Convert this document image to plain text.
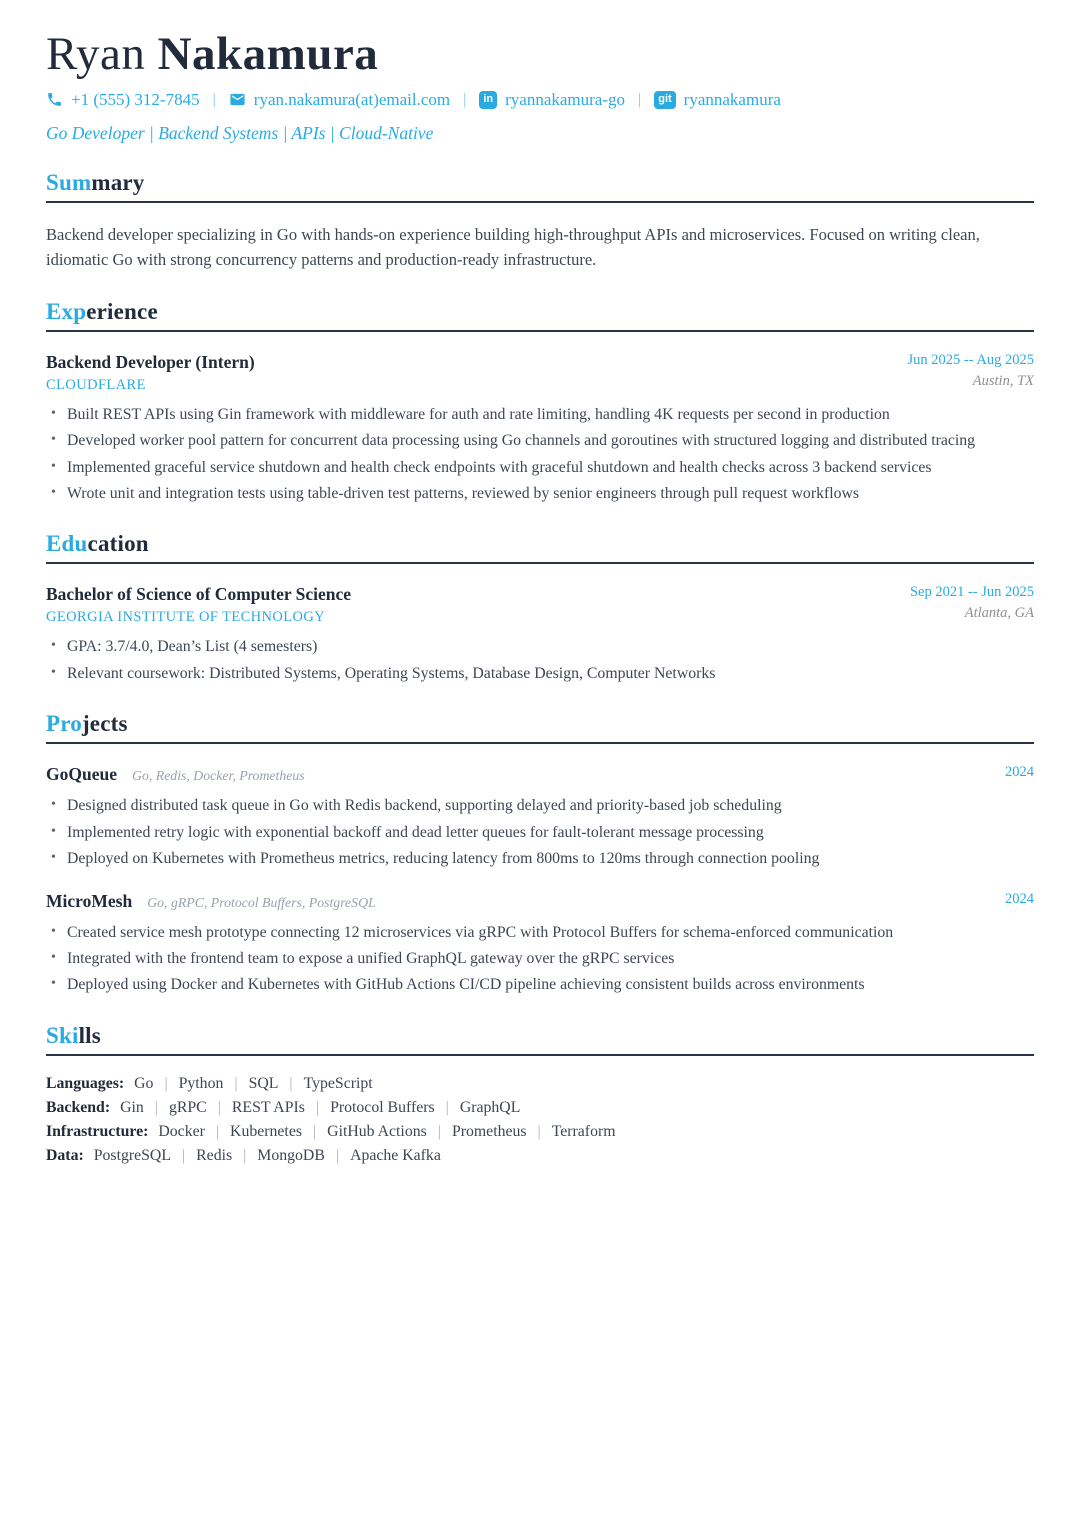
Ryan Nakamura
+1 (555) 312-7845 | ryan.nakamura(at)email.com |	in ryannakamura-go |	git ryannakamura
Go Developer | Backend Systems | APIs | Cloud-Native
Summary

Backend developer specializing in Go with hands-on experience building high-throughput APIs and microservices. Focused on writing clean, idiomatic Go with strong concurrency patterns and production-ready infrastructure.

Experience
Backend Developer (Intern)
CLOUDFLARE
Jun 2025 -- Aug 2025
Austin, TX
• Built REST APIs using Gin framework with middleware for auth and rate limiting, handling 4K requests per second in production
• Developed worker pool pattern for concurrent data processing using Go channels and goroutines with structured logging and distributed tracing
• Implemented graceful service shutdown and health check endpoints with graceful shutdown and health checks across 3 backend services
• Wrote unit and integration tests using table-driven test patterns, reviewed by senior engineers through pull request workflows
Education
Bachelor of Science of Computer Science
GEORGIA INSTITUTE OF TECHNOLOGY
Sep 2021 -- Jun 2025
Atlanta, GA
• GPA: 3.7/4.0, Dean’s List (4 semesters)
• Relevant coursework: Distributed Systems, Operating Systems, Database Design, Computer Networks
Projects
GoQueue Go, Redis, Docker, Prometheus	2024
• Designed distributed task queue in Go with Redis backend, supporting delayed and priority-based job scheduling
• Implemented retry logic with exponential backoff and dead letter queues for fault-tolerant message processing
• Deployed on Kubernetes with Prometheus metrics, reducing latency from 800ms to 120ms through connection pooling
MicroMesh Go, gRPC, Protocol Buffers, PostgreSQL	2024
• Created service mesh prototype connecting 12 microservices via gRPC with Protocol Buffers for schema-enforced communication
• Integrated with the frontend team to expose a unified GraphQL gateway over the gRPC services
• Deployed using Docker and Kubernetes with GitHub Actions CI/CD pipeline achieving consistent builds across environments
Skills
Languages: Go | Python | SQL | TypeScript
Backend: Gin | gRPC | REST APIs | Protocol Buffers | GraphQL
Infrastructure: Docker | Kubernetes | GitHub Actions | Prometheus | Terraform
Data: PostgreSQL | Redis | MongoDB | Apache Kafka
